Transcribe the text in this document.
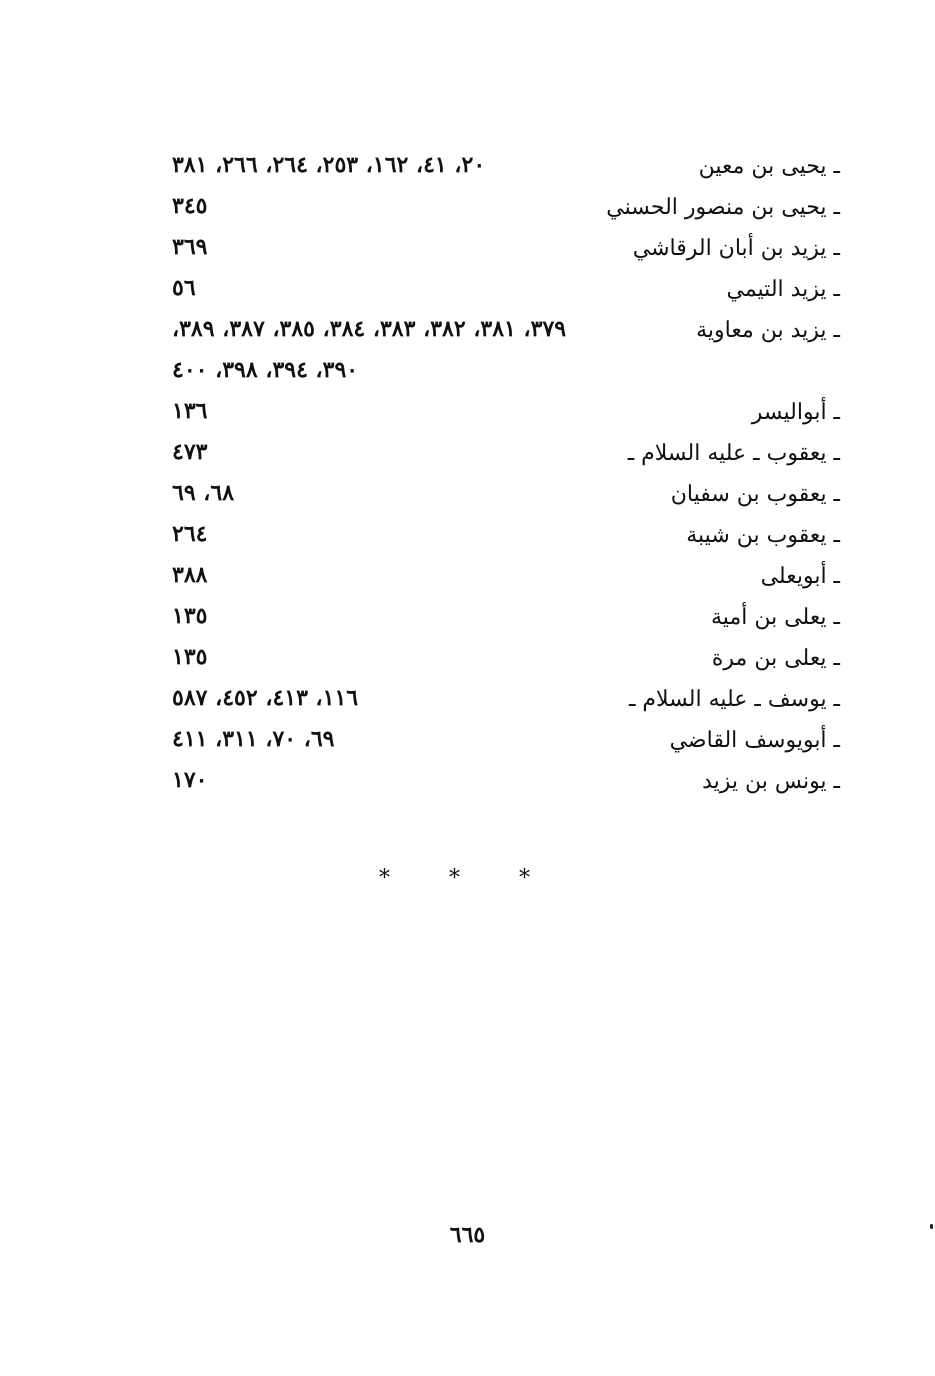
ـ يحيى بن معين
٢٠، ٤١، ١٦٢، ٢٥٣، ٢٦٤، ٢٦٦، ٣٨١
ـ يحيى بن منصور الحسني
٣٤٥
ـ يزيد بن أبان الرقاشي
٣٦٩
ـ يزيد التيمي
٥٦
ـ يزيد بن معاوية
٣٧٩، ٣٨١، ٣٨٢، ٣٨٣، ٣٨٤، ٣٨٥، ٣٨٧، ٣٨٩،
٣٩٠، ٣٩٤، ٣٩٨، ٤٠٠
ـ أبواليسر
١٣٦
ـ يعقوب ـ عليه السلام ـ
٤٧٣
ـ يعقوب بن سفيان
٦٨، ٦٩
ـ يعقوب بن شيبة
٢٦٤
ـ أبويعلى
٣٨٨
ـ يعلى بن أمية
١٣٥
ـ يعلى بن مرة
١٣٥
ـ يوسف ـ عليه السلام ـ
١١٦، ٤١٣، ٤٥٢، ٥٨٧
ـ أبويوسف القاضي
٦٩، ٧٠، ٣١١، ٤١١
ـ يونس بن يزيد
١٧٠
* * *
٦٦٥
